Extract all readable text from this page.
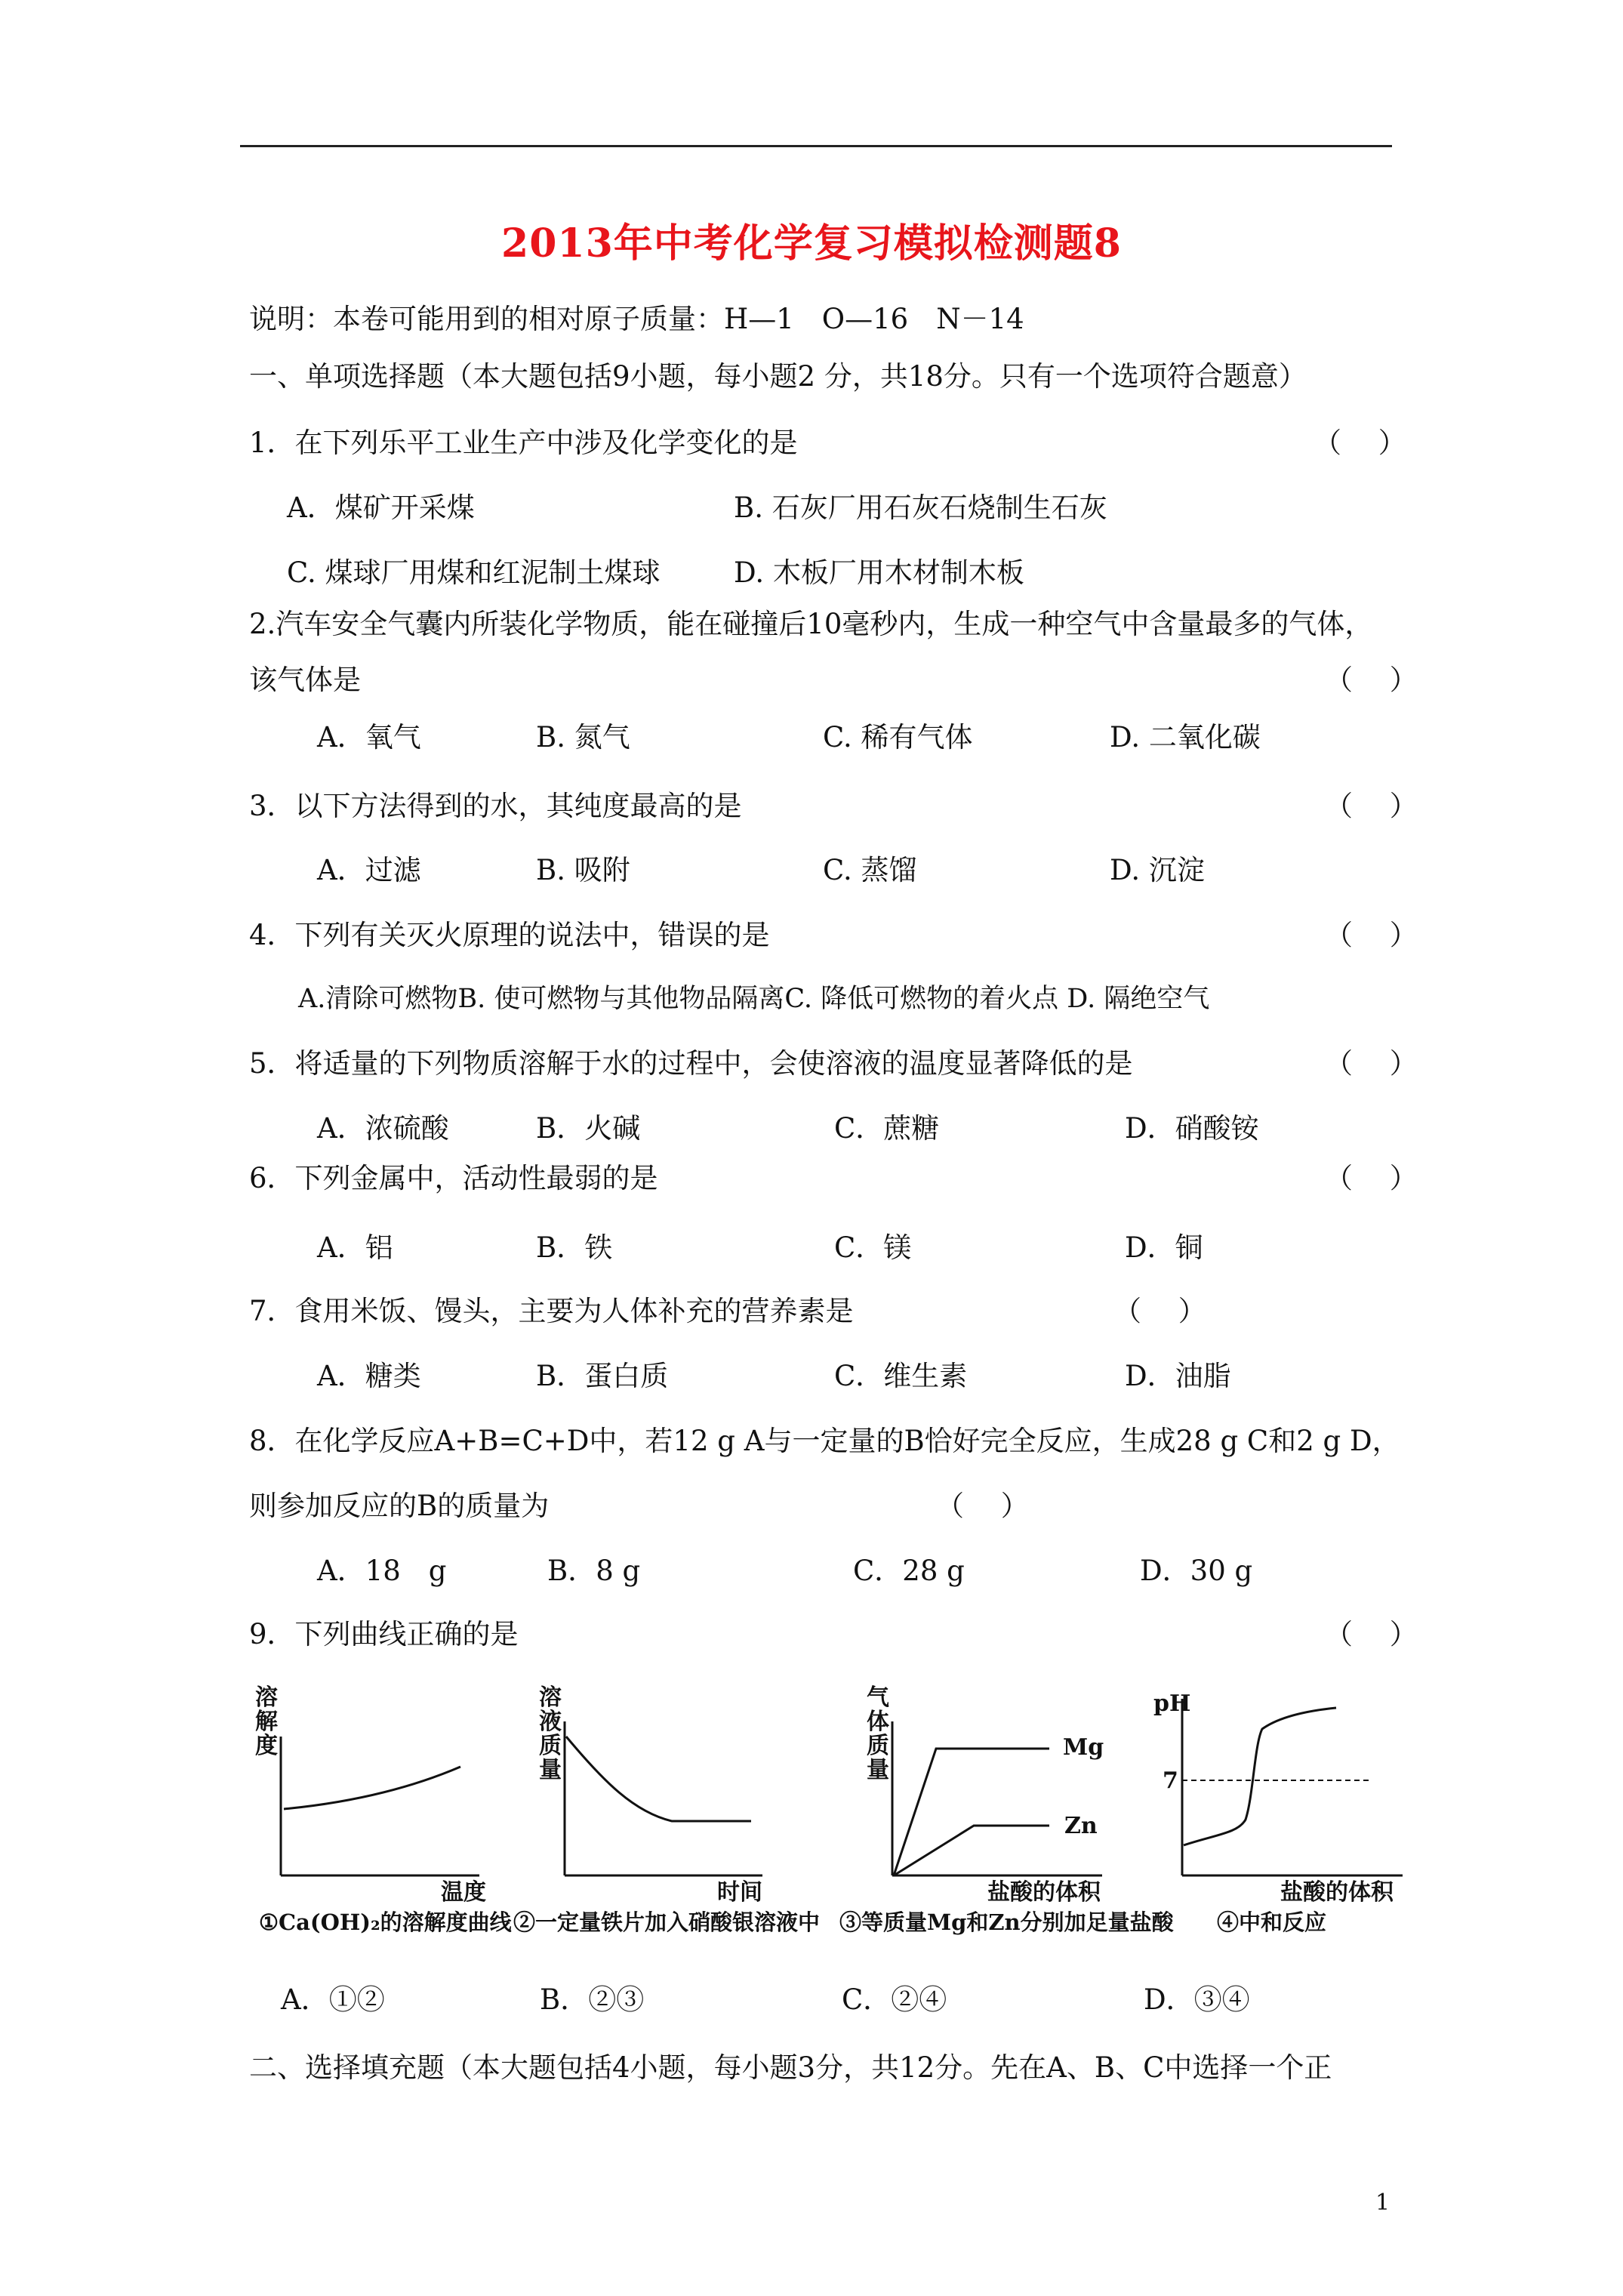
2013年中考化学复习模拟检测题8
说明：本卷可能用到的相对原子质量：H—1　O—16　N－14
一、单项选择题（本大题包括9小题，每小题2 分，共18分。只有一个选项符合题意）
1．在下列乐平工业生产中涉及化学变化的是	（　 ）
A．煤矿开采煤	B. 石灰厂用石灰石烧制生石灰
C. 煤球厂用煤和红泥制土煤球	D. 木板厂用木材制木板
2.汽车安全气囊内所装化学物质，能在碰撞后10毫秒内，生成一种空气中含量最多的气体，
该气体是	（　 ）
A．氧气	B. 氮气	C. 稀有气体	D. 二氧化碳
3．以下方法得到的水，其纯度最高的是	（　 ）
A．过滤	B. 吸附	C. 蒸馏	D. 沉淀
4．下列有关灭火原理的说法中，错误的是	（　 ）
A.清除可燃物B. 使可燃物与其他物品隔离C. 降低可燃物的着火点 D. 隔绝空气
5．将适量的下列物质溶解于水的过程中，会使溶液的温度显著降低的是	（　 ）
A．浓硫酸	B．火碱	C．蔗糖	D．硝酸铵
6．下列金属中，活动性最弱的是	（　 ）
A．铝	B．铁	C．镁	D．铜
7．食用米饭、馒头，主要为人体补充的营养素是	（　 ）
A．糖类	B．蛋白质	C．维生素	D．油脂
8．在化学反应A+B=C+D中，若12 g A与一定量的B恰好完全反应，生成28 g C和2 g D，
则参加反应的B的质量为	（　 ）
A．18　g	B．8 g	C．28 g	D．30 g
9．下列曲线正确的是	（　 ）
溶
解
度
温度
①Ca(OH)₂的溶解度曲线
溶
液
质
量
时间
②一定量铁片加入硝酸银溶液中
气
体
质
量
Mg
Zn
盐酸的体积
③等质量Mg和Zn分别加足量盐酸
pH
7
盐酸的体积
④中和反应
A．①②	B．②③	C．②④	D．③④
二、选择填充题（本大题包括4小题，每小题3分，共12分。先在A、B、C中选择一个正
1
